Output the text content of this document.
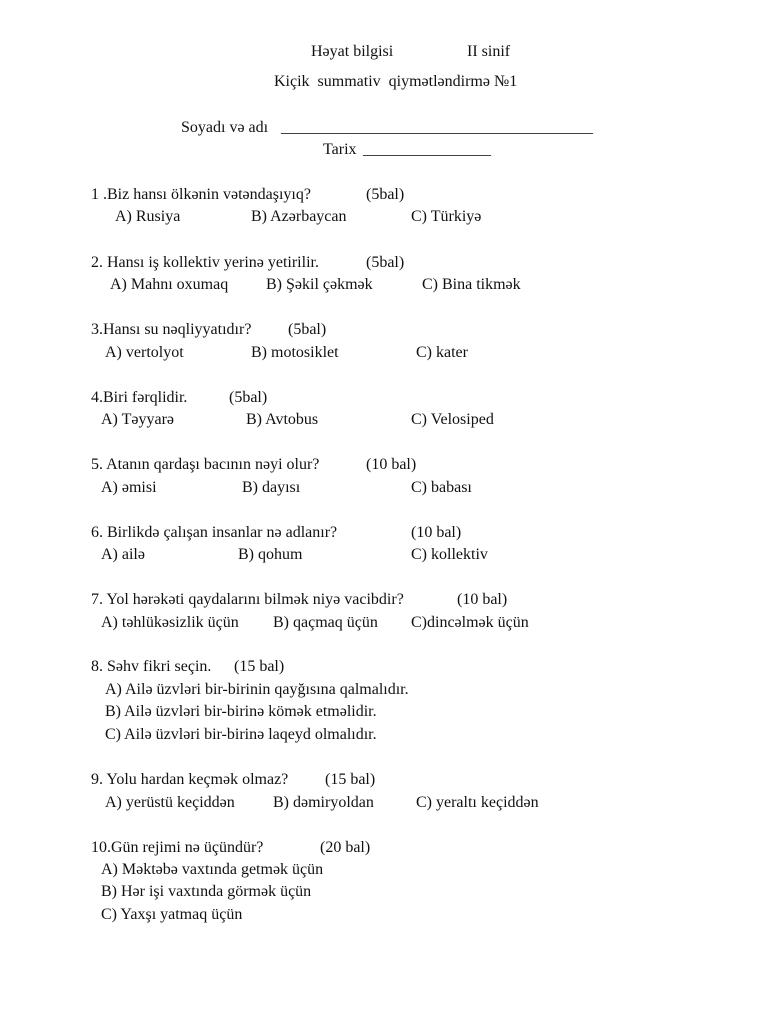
Həyat bilgisi	II sinif
Kiçik  summativ  qiymətləndirmə №1
Soyadı və adı _______________________________________
Tarix ________________
1 .Biz hansı ölkənin vətəndaşıyıq?	(5bal)
A) Rusiya	B) Azərbaycan	C) Türkiyə
2. Hansı iş kollektiv yerinə yetirilir.	(5bal)
A) Mahnı oxumaq B) Şəkil çəkmək	C) Bina tikmək
3.Hansı su nəqliyyatıdır? (5bal)
A) vertolyot	B) motosiklet	C) kater
4.Biri fərqlidir.	(5bal)
A) Təyyarə	B) Avtobus	C) Velosiped
5. Atanın qardaşı bacının nəyi olur?	(10 bal)
A) əmisi	B) dayısı	C) babası
6. Birlikdə çalışan insanlar nə adlanır?	(10 bal)
A) ailə	B) qohum	C) kollektiv
7. Yol hərəkəti qaydalarını bilmək niyə vacibdir?	(10 bal)
A) təhlükəsizlik üçün B) qaçmaq üçün C)dincəlmək üçün
8. Səhv fikri seçin. (15 bal)
A) Ailə üzvləri bir-birinin qayğısına qalmalıdır.
B) Ailə üzvləri bir-birinə kömək etməlidir.
C) Ailə üzvləri bir-birinə laqeyd olmalıdır.
9. Yolu hardan keçmək olmaz? (15 bal)
A) yerüstü keçiddən B) dəmiryoldan	C) yeraltı keçiddən
10.Gün rejimi nə üçündür?	(20 bal)
A) Məktəbə vaxtında getmək üçün
B) Hər işi vaxtında görmək üçün
C) Yaxşı yatmaq üçün
